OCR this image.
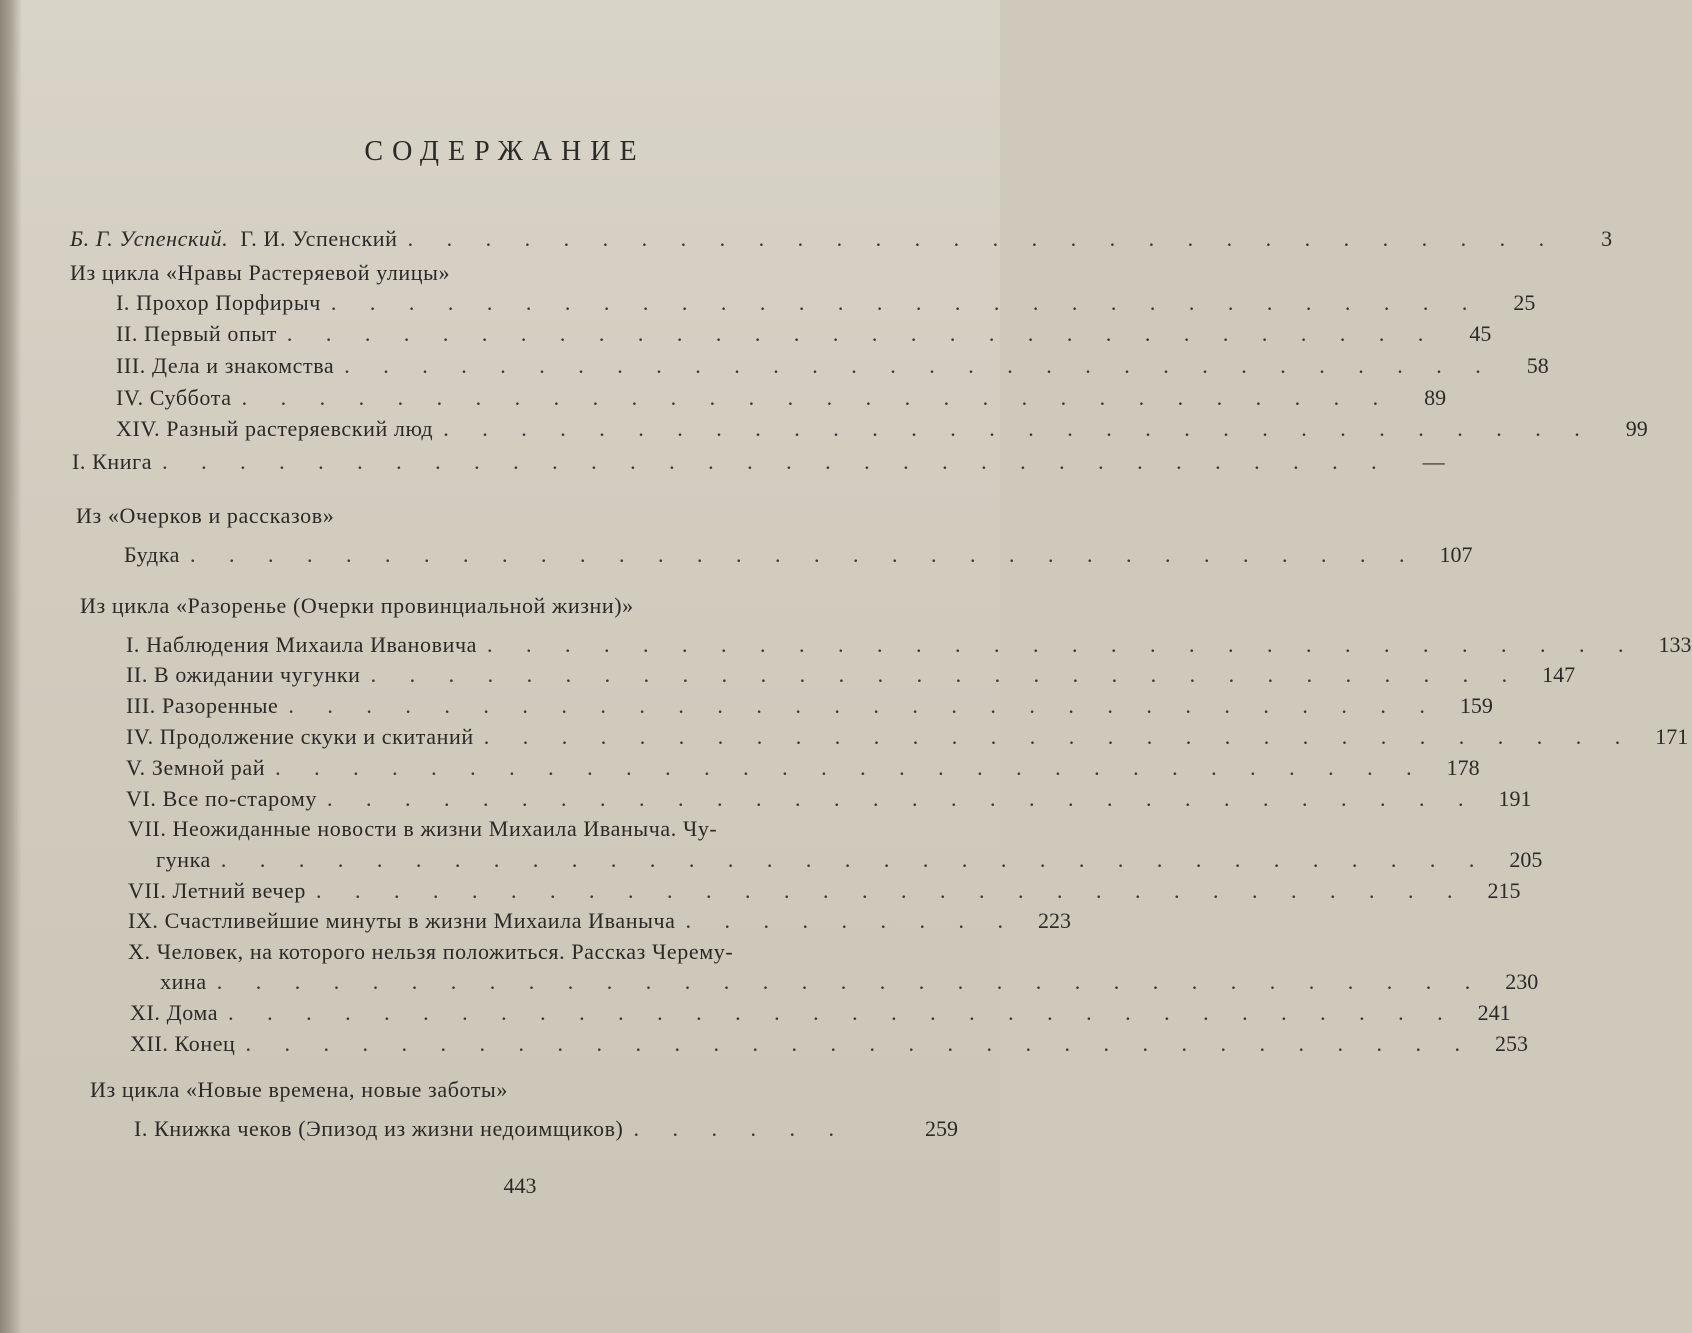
СОДЕРЖАНИЕ
Б. Г. Успенский. Г. И. Успенский . . . . . . . . . . . . . . . . . . . . . . . . . . . . . .	3
Из цикла «Нравы Растеряевой улицы»
I. Прохор Порфирыч . . . . . . . . . . . . . . . . . . . . . . . . . . . . . .	25
II. Первый опыт . . . . . . . . . . . . . . . . . . . . . . . . . . . . . .	45
III. Дела и знакомства . . . . . . . . . . . . . . . . . . . . . . . . . . . . . .	58
IV. Суббота . . . . . . . . . . . . . . . . . . . . . . . . . . . . . .	89
XIV. Разный растеряевский люд . . . . . . . . . . . . . . . . . . . . . . . . . . . . . .	99
I. Книга . . . . . . . . . . . . . . . . . . . . . . . . . . . . . . . .	—
Из «Очерков и рассказов»
Будка . . . . . . . . . . . . . . . . . . . . . . . . . . . . . . . . 107
Из цикла «Разоренье (Очерки провинциальной жизни)»
I. Наблюдения Михаила Ивановича . . . . . . . . . . . . . . . . . . . . . . . . . . . . . . 133
II. В ожидании чугунки . . . . . . . . . . . . . . . . . . . . . . . . . . . . . . 147
III. Разоренные . . . . . . . . . . . . . . . . . . . . . . . . . . . . . . 159
IV. Продолжение скуки и скитаний . . . . . . . . . . . . . . . . . . . . . . . . . . . . . . 171
V. Земной рай . . . . . . . . . . . . . . . . . . . . . . . . . . . . . . 178
VI. Все по-старому . . . . . . . . . . . . . . . . . . . . . . . . . . . . . . 191
VII. Неожиданные новости в жизни Михаила Иваныча. Чу-
гунка . . . . . . . . . . . . . . . . . . . . . . . . . . . . . . . . . 205
VII. Летний вечер . . . . . . . . . . . . . . . . . . . . . . . . . . . . . . 215
IX. Счастливейшие минуты в жизни Михаила Иваныча . . . . . . . . . 223
X. Человек, на которого нельзя положиться. Рассказ Черему-
хина . . . . . . . . . . . . . . . . . . . . . . . . . . . . . . . . . 230
XI. Дома . . . . . . . . . . . . . . . . . . . . . . . . . . . . . . . . 241
XII. Конец . . . . . . . . . . . . . . . . . . . . . . . . . . . . . . . . 253
Из цикла «Новые времена, новые заботы»
I. Книжка чеков (Эпизод из жизни недоимщиков) . . . . . .	259
443
